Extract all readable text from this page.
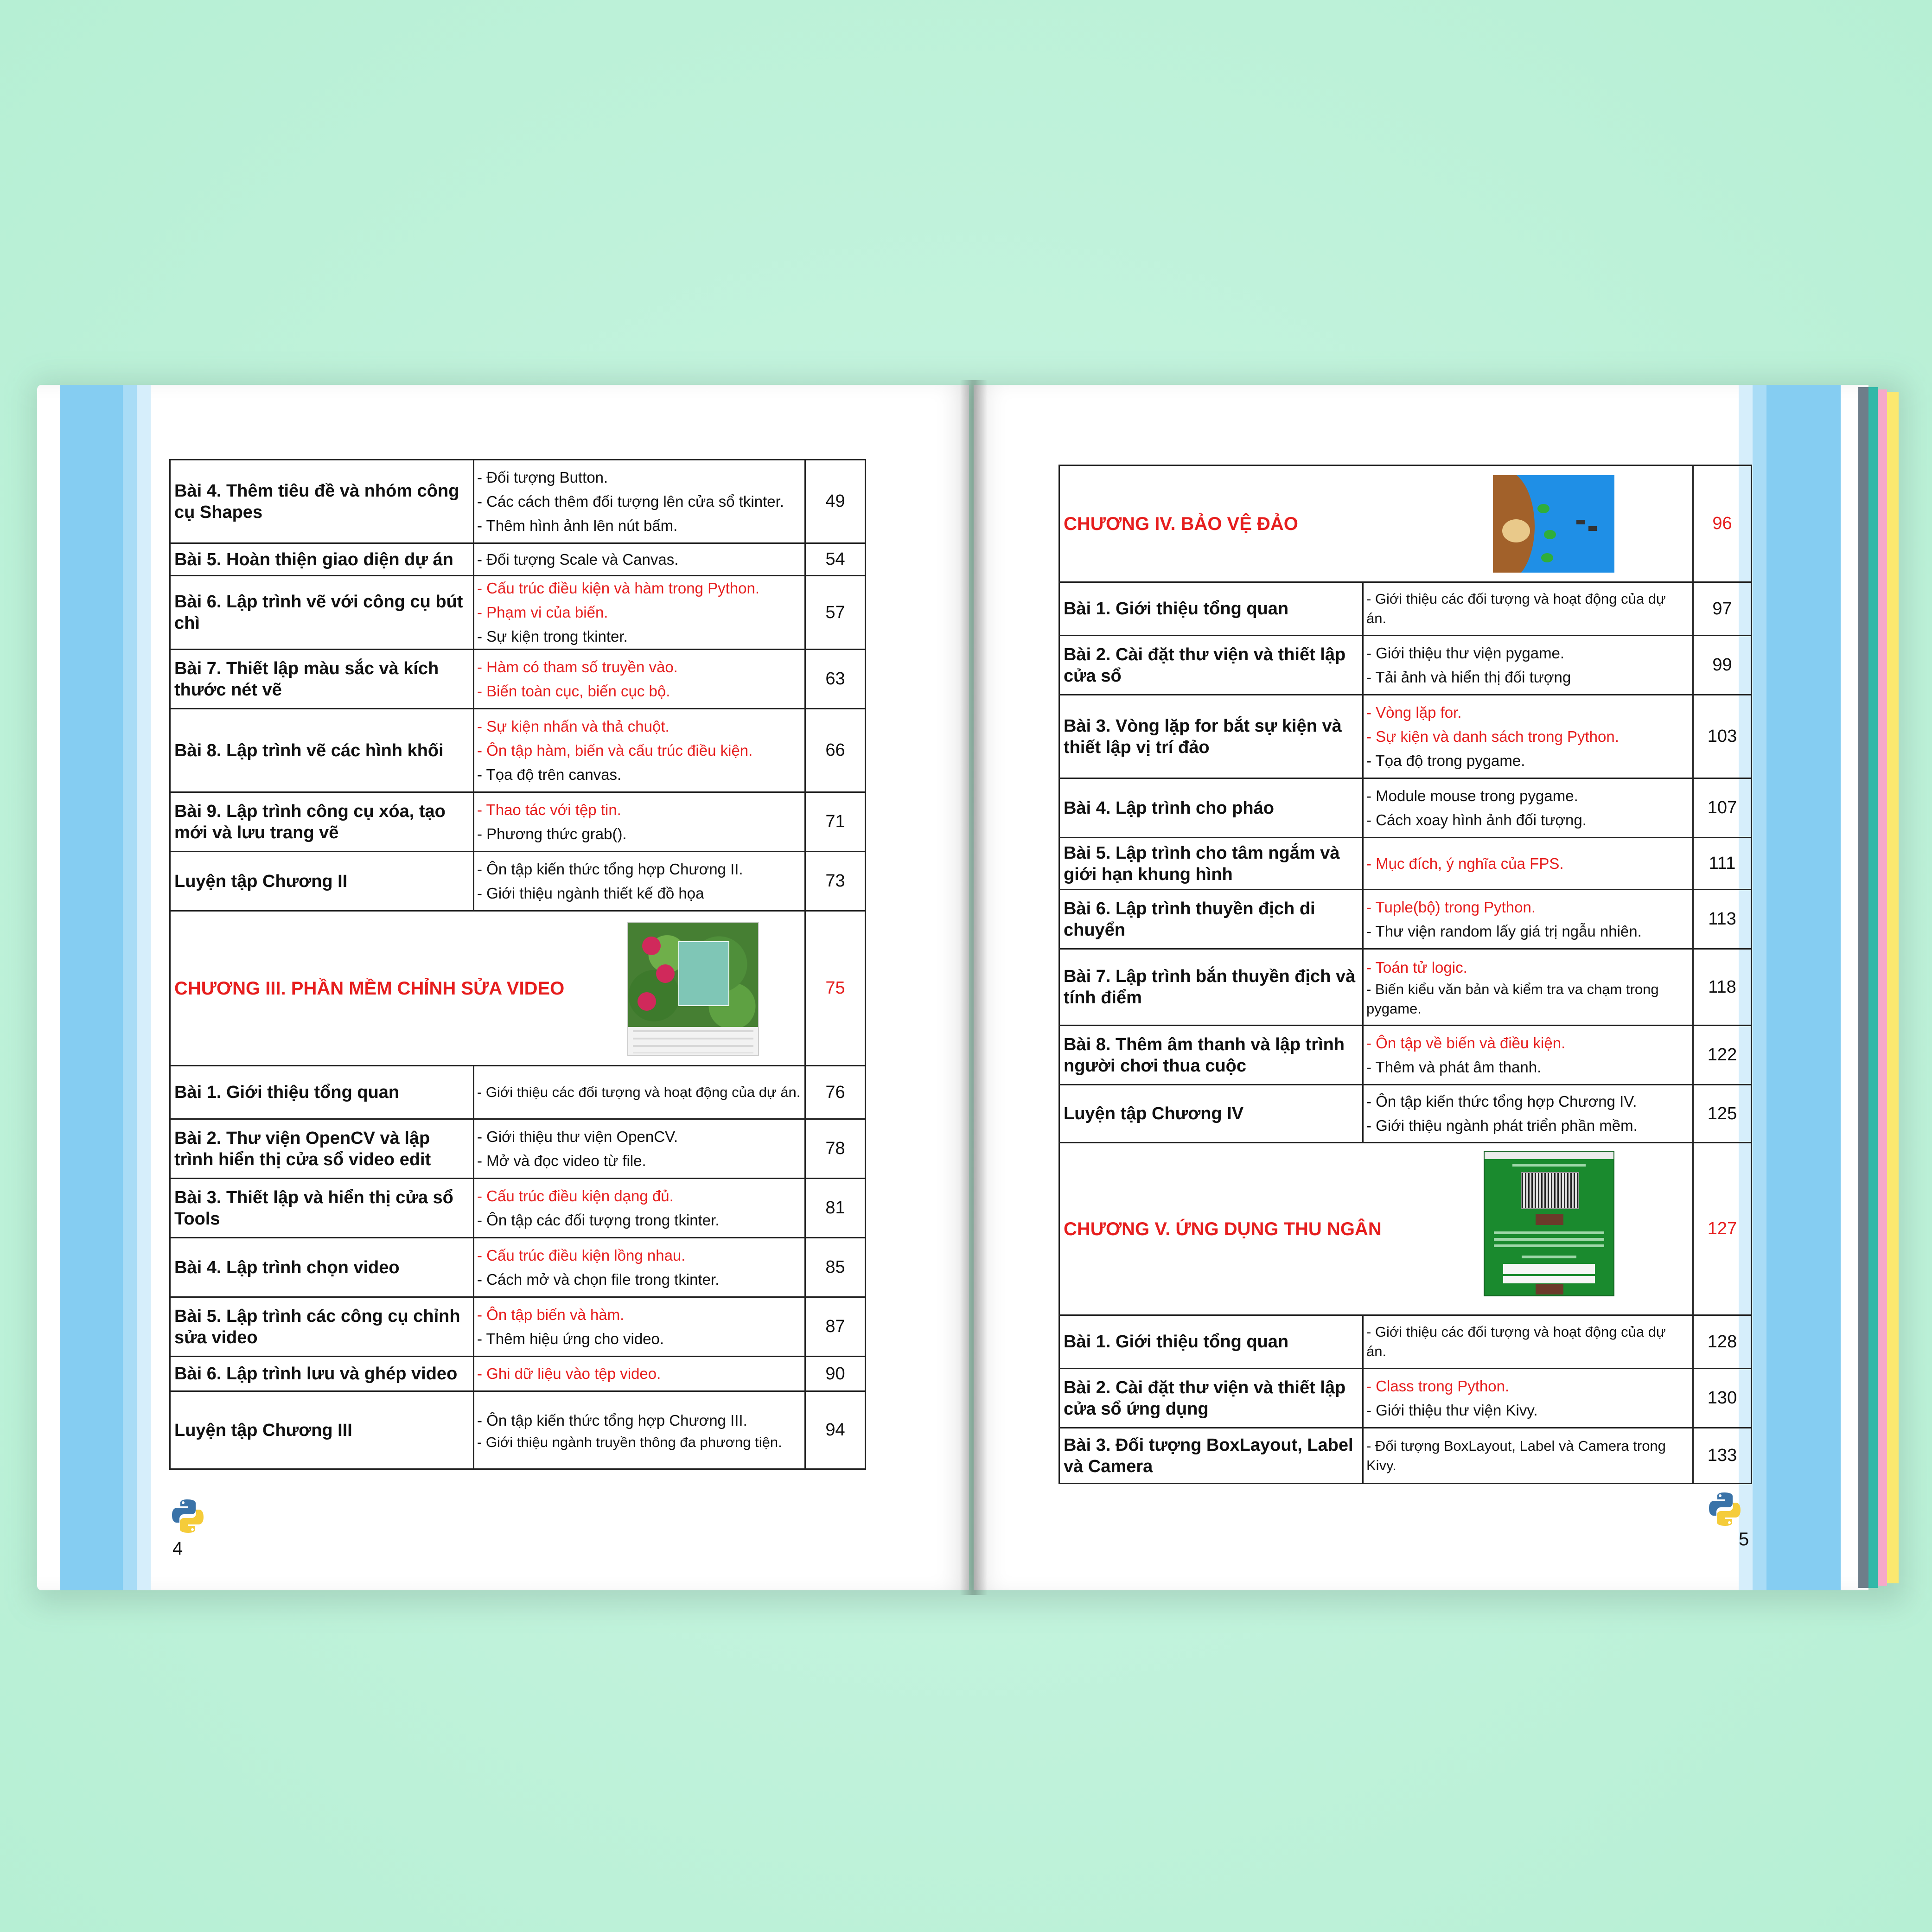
Bài 4. Thêm tiêu đề và nhóm công cụ Shapes	- Đối tượng Button.
- Các cách thêm đối tượng lên cửa sổ tkinter.
- Thêm hình ảnh lên nút bấm.	49
Bài 5. Hoàn thiện giao diện dự án	- Đối tượng Scale và Canvas.	54
Bài 6. Lập trình vẽ với công cụ bút chì	- Cấu trúc điều kiện và hàm trong Python.
- Phạm vi của biến.
- Sự kiện trong tkinter.	57
Bài 7. Thiết lập màu sắc và kích thước nét vẽ	- Hàm có tham số truyền vào.
- Biến toàn cục, biến cục bộ.	63
Bài 8. Lập trình vẽ các hình khối	- Sự kiện nhấn và thả chuột.
- Ôn tập hàm, biến và cấu trúc điều kiện.
- Tọa độ trên canvas.	66
Bài 9. Lập trình công cụ xóa, tạo mới và lưu trang vẽ	- Thao tác với tệp tin.
- Phương thức grab().	71
Luyện tập Chương II	- Ôn tập kiến thức tổng hợp Chương II.
- Giới thiệu ngành thiết kế đồ họa	73

CHƯƠNG III. PHẦN MỀM CHỈNH SỬA VIDEO		75
Bài 1. Giới thiệu tổng quan	- Giới thiệu các đối tượng và hoạt động của dự án.	76
Bài 2. Thư viện OpenCV và lập trình hiển thị cửa sổ video edit	- Giới thiệu thư viện OpenCV.
- Mở và đọc video từ file.	78
Bài 3. Thiết lập và hiển thị cửa sổ Tools	- Cấu trúc điều kiện dạng đủ.
- Ôn tập các đối tượng trong tkinter.	81
Bài 4. Lập trình chọn video	- Cấu trúc điều kiện lồng nhau.
- Cách mở và chọn file trong tkinter.	85
Bài 5. Lập trình các công cụ chỉnh sửa video	- Ôn tập biến và hàm.
- Thêm hiệu ứng cho video.	87
Bài 6. Lập trình lưu và ghép video	- Ghi dữ liệu vào tệp video.	90
Luyện tập Chương III	- Ôn tập kiến thức tổng hợp Chương III.
- Giới thiệu ngành truyền thông đa phương tiện.	94
4
CHƯƠNG IV. BẢO VỆ ĐẢO		96
Bài 1. Giới thiệu tổng quan	- Giới thiệu các đối tượng và hoạt động của dự án.	97
Bài 2. Cài đặt thư viện và thiết lập cửa sổ	- Giới thiệu thư viện pygame.
- Tải ảnh và hiển thị đối tượng	99
Bài 3. Vòng lặp for bắt sự kiện và thiết lập vị trí đảo	- Vòng lặp for.
- Sự kiện và danh sách trong Python.
- Tọa độ trong pygame.	103
Bài 4. Lập trình cho pháo	- Module mouse trong pygame.
- Cách xoay hình ảnh đối tượng.	107
Bài 5. Lập trình cho tâm ngắm và giới hạn khung hình	- Mục đích, ý nghĩa của FPS.	111
Bài 6. Lập trình thuyền địch di chuyển	- Tuple(bộ) trong Python.
- Thư viện random lấy giá trị ngẫu nhiên.	113
Bài 7. Lập trình bắn thuyền địch và tính điểm	- Toán tử logic.
- Biến kiểu văn bản và kiểm tra va chạm trong pygame.	118
Bài 8. Thêm âm thanh và lập trình người chơi thua cuộc	- Ôn tập về biến và điều kiện.
- Thêm và phát âm thanh.	122
Luyện tập Chương IV	- Ôn tập kiến thức tổng hợp Chương IV.
- Giới thiệu ngành phát triển phần mềm.	125

CHƯƠNG V. ỨNG DỤNG THU NGÂN		127
Bài 1. Giới thiệu tổng quan	- Giới thiệu các đối tượng và hoạt động của dự án.	128
Bài 2. Cài đặt thư viện và thiết lập cửa sổ ứng dụng	- Class trong Python.
- Giới thiệu thư viện Kivy.	130
Bài 3. Đối tượng BoxLayout, Label và Camera	- Đối tượng BoxLayout, Label và Camera trong Kivy.	133
5
